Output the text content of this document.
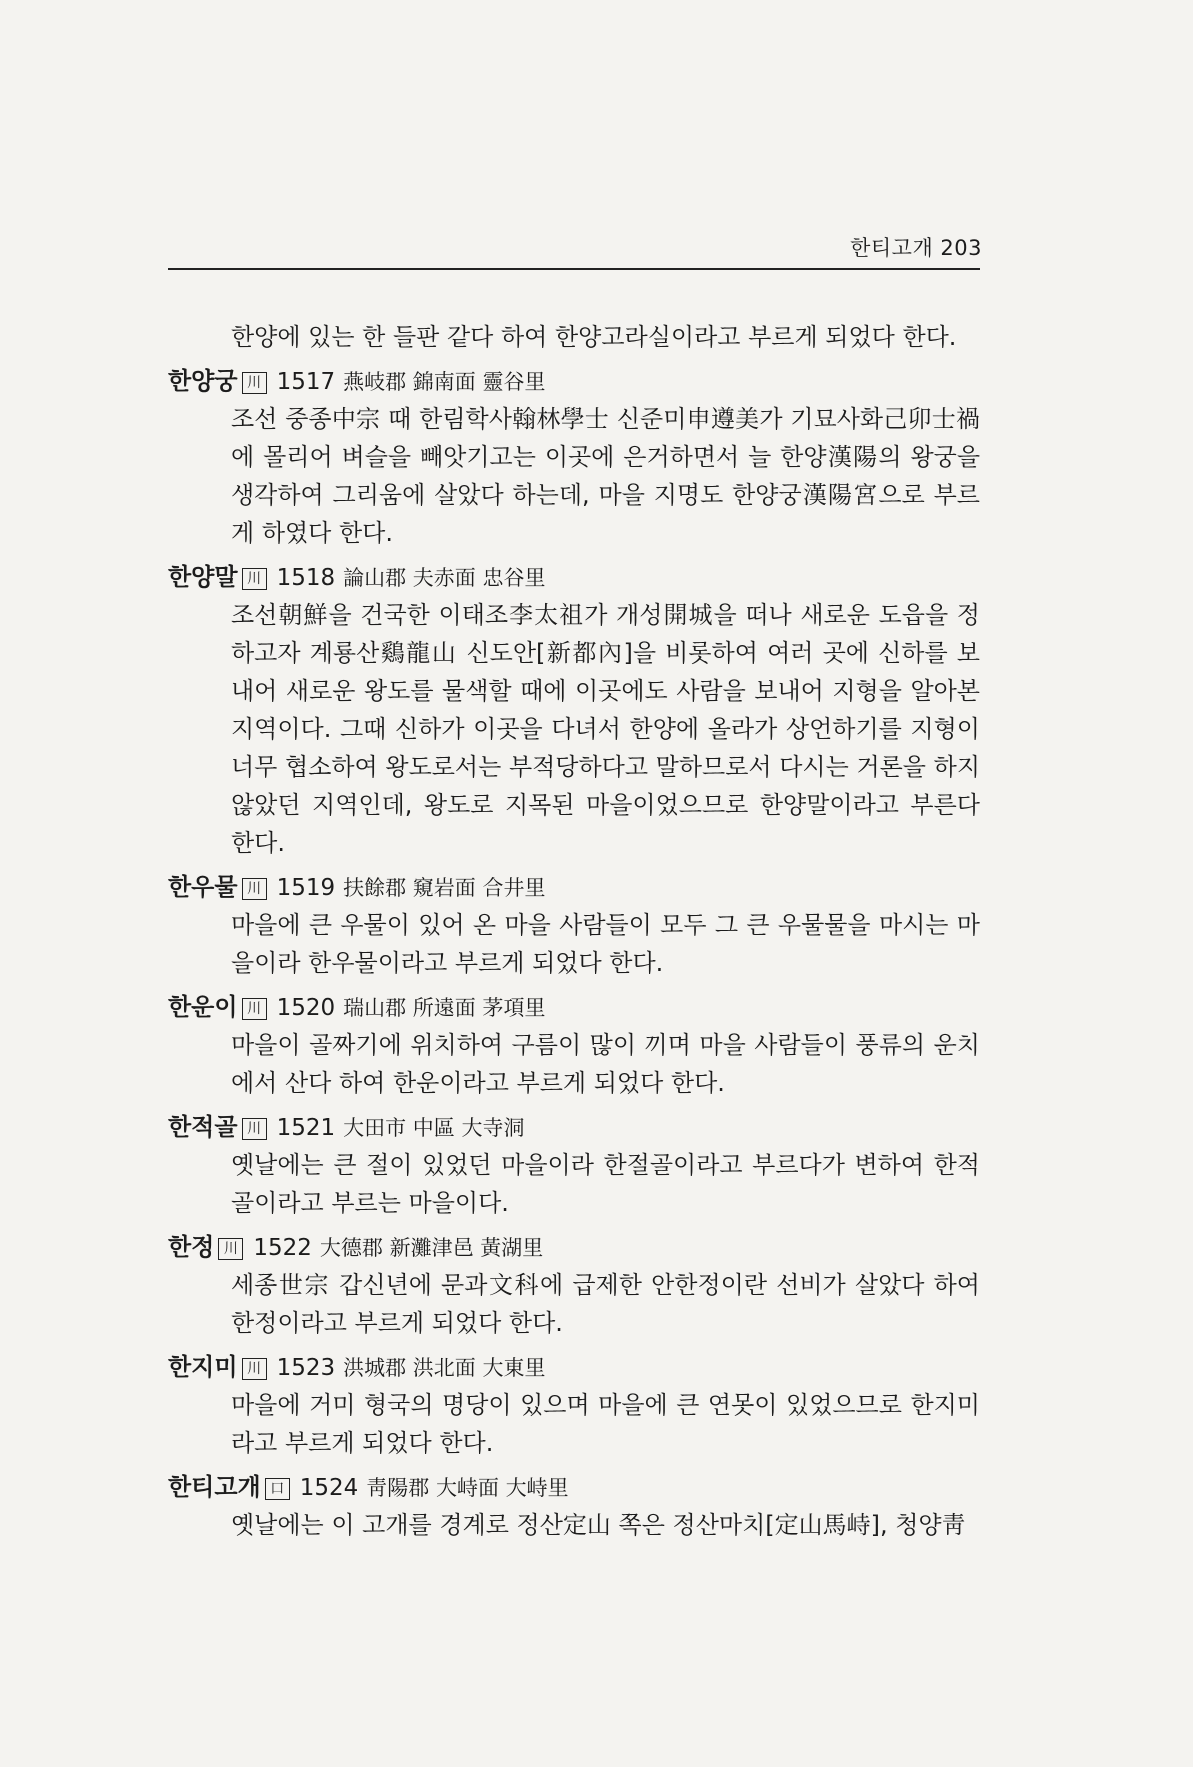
한티고개 203

한양에 있는 한 들판 같다 하여 한양고라실이라고 부르게 되었다 한다.

한양궁 川 1517 燕岐郡 錦南面 靈谷里

조선 중종中宗 때 한림학사翰林學士 신준미申遵美가 기묘사화己卯士禍에 몰리어 벼슬을 빼앗기고는 이곳에 은거하면서 늘 한양漢陽의 왕궁을 생각하여 그리움에 살았다 하는데, 마을 지명도 한양궁漢陽宮으로 부르게 하였다 한다.

한양말 川 1518 論山郡 夫赤面 忠谷里

조선朝鮮을 건국한 이태조李太祖가 개성開城을 떠나 새로운 도읍을 정하고자 계룡산鷄龍山 신도안[新都內]을 비롯하여 여러 곳에 신하를 보내어 새로운 왕도를 물색할 때에 이곳에도 사람을 보내어 지형을 알아본 지역이다. 그때 신하가 이곳을 다녀서 한양에 올라가 상언하기를 지형이 너무 협소하여 왕도로서는 부적당하다고 말하므로서 다시는 거론을 하지 않았던 지역인데, 왕도로 지목된 마을이었으므로 한양말이라고 부른다 한다.

한우물 川 1519 扶餘郡 窺岩面 合井里

마을에 큰 우물이 있어 온 마을 사람들이 모두 그 큰 우물물을 마시는 마을이라 한우물이라고 부르게 되었다 한다.

한운이 川 1520 瑞山郡 所遠面 茅項里

마을이 골짜기에 위치하여 구름이 많이 끼며 마을 사람들이 풍류의 운치에서 산다 하여 한운이라고 부르게 되었다 한다.

한적골 川 1521 大田市 中區 大寺洞

옛날에는 큰 절이 있었던 마을이라 한절골이라고 부르다가 변하여 한적골이라고 부르는 마을이다.

한정 川 1522 大德郡 新灘津邑 黃湖里

세종世宗 갑신년에 문과文科에 급제한 안한정이란 선비가 살았다 하여 한정이라고 부르게 되었다 한다.

한지미 川 1523 洪城郡 洪北面 大東里

마을에 거미 형국의 명당이 있으며 마을에 큰 연못이 있었으므로 한지미라고 부르게 되었다 한다.

한티고개 口 1524 靑陽郡 大峙面 大峙里

옛날에는 이 고개를 경계로 정산定山 쪽은 정산마치[定山馬峙], 청양靑
